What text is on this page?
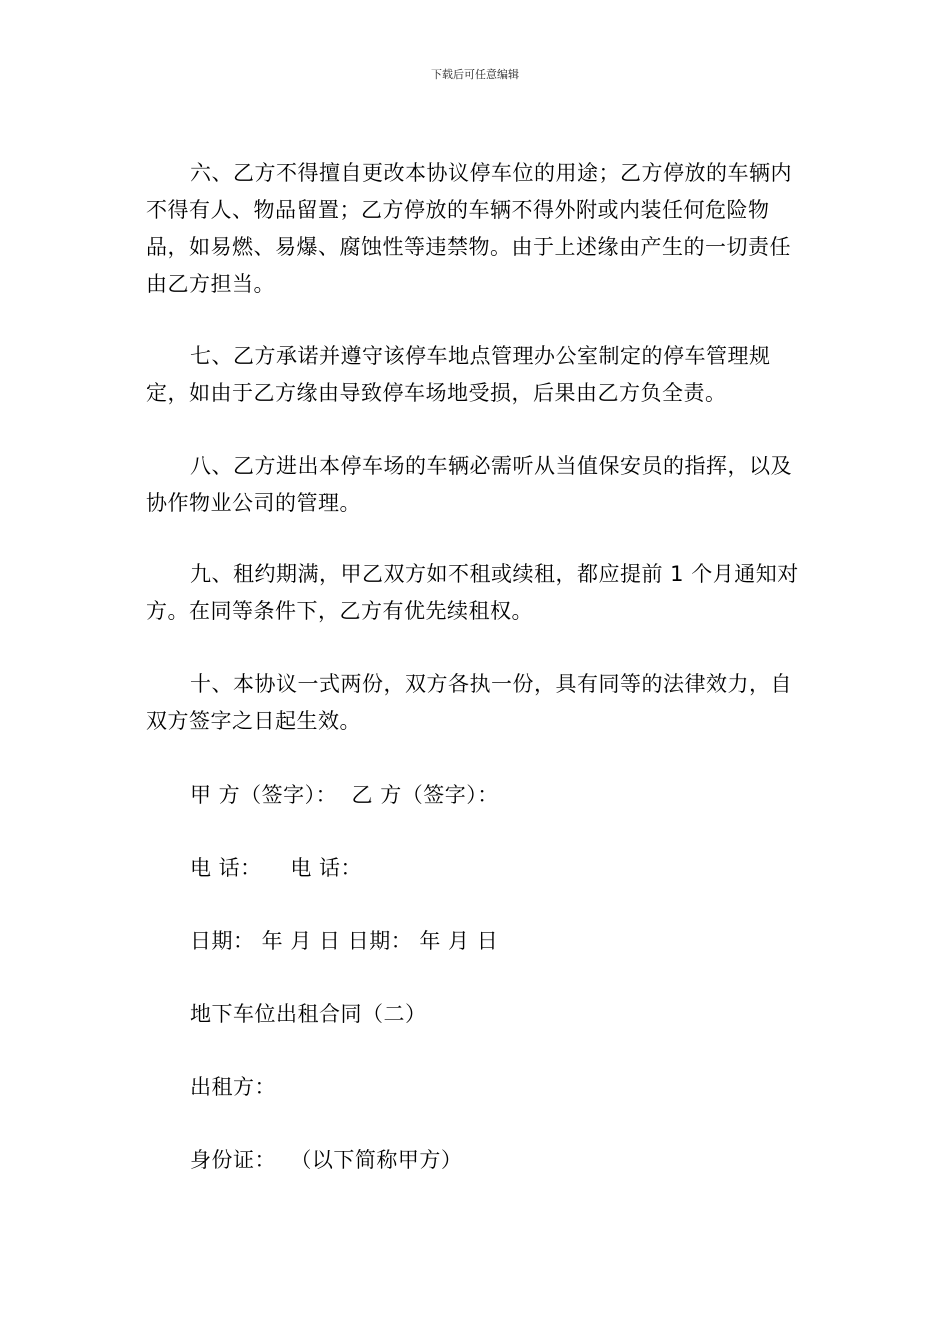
下载后可任意编辑

六、乙方不得擅自更改本协议停车位的用途；乙方停放的车辆内不得有人、物品留置；乙方停放的车辆不得外附或内装任何危险物品，如易燃、易爆、腐蚀性等违禁物。由于上述缘由产生的一切责任由乙方担当。

七、乙方承诺并遵守该停车地点管理办公室制定的停车管理规定，如由于乙方缘由导致停车场地受损，后果由乙方负全责。

八、乙方进出本停车场的车辆必需听从当值保安员的指挥，以及协作物业公司的管理。

九、租约期满，甲乙双方如不租或续租，都应提前 1 个月通知对方。在同等条件下，乙方有优先续租权。

十、本协议一式两份，双方各执一份，具有同等的法律效力，自双方签字之日起生效。

甲 方（签字）：  乙 方（签字）：
电 话：    电 话：
日期： 年 月 日 日期： 年 月 日
地下车位出租合同（二）
出租方：
身份证：  （以下简称甲方）
